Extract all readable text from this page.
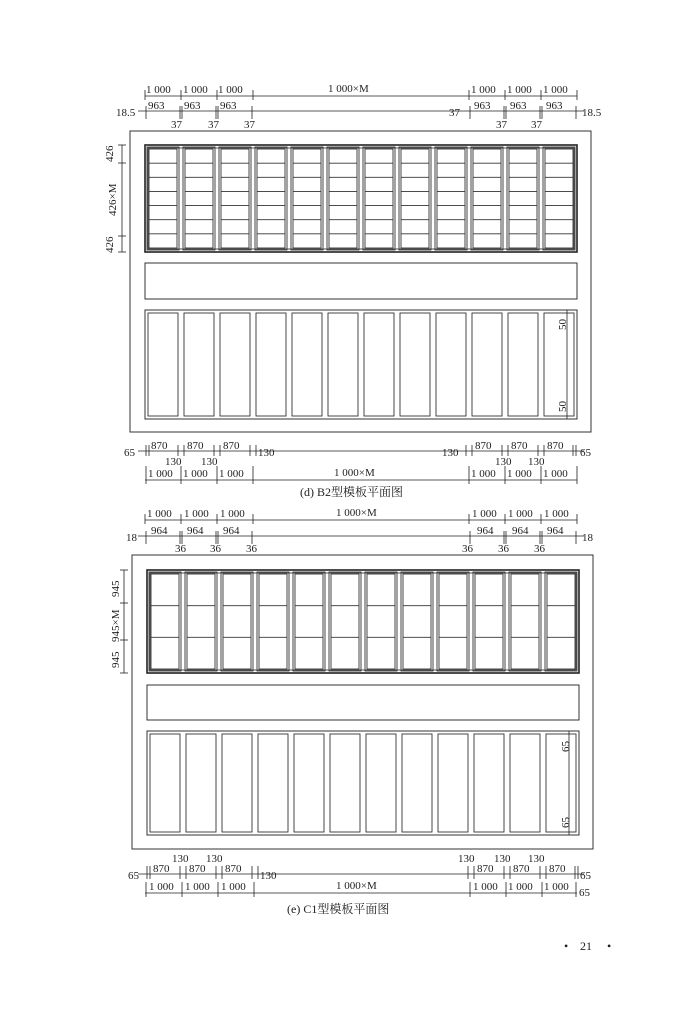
1 000 1 000 1 000	1 000×M	1 000 1 000 1 000
18.5
963 963 963	963 963 963
18.5
37 37 37
37
37 37
426
426×M
426
50
50
65
870 870 870
130	130
870 870 870
65
130 130	130 130
1 000 1 000 1 000	1 000×M	1 000 1 000 1 000
(d) B2型模板平面图
1 000 1 000 1 000	1 000×M	1 000 1 000 1 000
18
964 964 964	964 964 964
18
36 36 36	36 36 36
945
945×M
945
65
65
130 130	130 130 130
65
870 870 870
130
870 870 870
65
1 000 1 000 1 000	1 000×M	1 000 1 000 1 000 65
(e) C1型模板平面图
• 21 •
